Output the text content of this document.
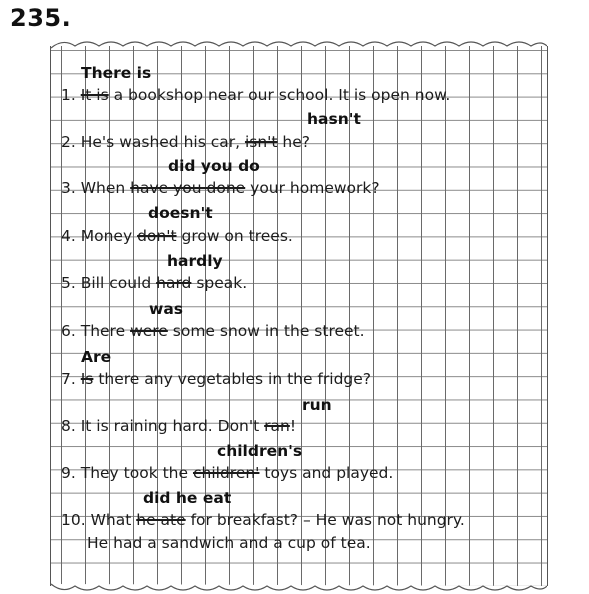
235.
There is
1. It is a bookshop near our school. It is open now.
hasn't
2. He's washed his car, isn't he?
did you do
3. When have you done your homework?
doesn't
4. Money don't grow on trees.
hardly
5. Bill could hard speak.
was
6. There were some snow in the street.
Are
7. Is there any vegetables in the fridge?
run
8. It is raining hard. Don't ran!
children's
9. They took the children' toys and played.
did he eat
10. What he ate for breakfast? – He was not hungry.
He had a sandwich and a cup of tea.
